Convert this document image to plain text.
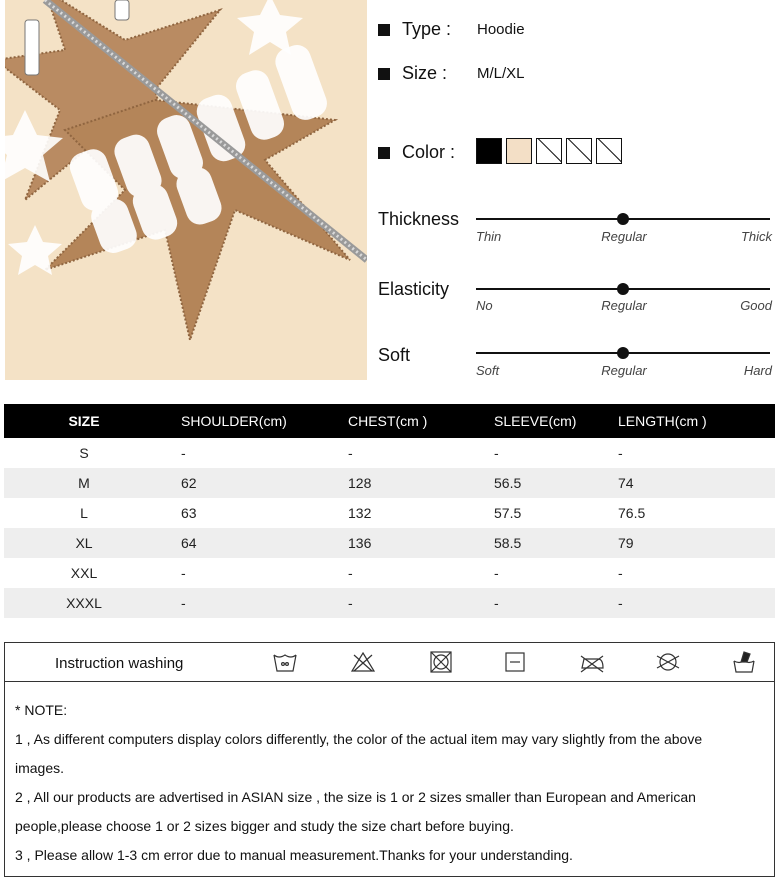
Type : Hoodie
Size : M/L/XL
Color :
Thickness
Thin	Regular	Thick
Elasticity
No	Regular	Good
Soft
Soft	Regular	Hard
SIZE	SHOULDER(cm)	CHEST(cm )	SLEEVE(cm)	LENGTH(cm )
S	-	-	-	-
M	62	128	56.5	74
L	63	132	57.5	76.5
XL	64	136	58.5	79
XXL	-	-	-	-
XXXL	-	-	-	-
Instruction washing
* NOTE:
1 , As different computers display colors differently, the color of the actual item may vary slightly from the above
images.
2 , All our products are advertised in ASIAN size , the size is 1 or 2 sizes smaller than European and American
people,please choose 1 or 2 sizes bigger and study the size chart before buying.
3 , Please allow 1-3 cm error due to manual measurement.Thanks for your understanding.
